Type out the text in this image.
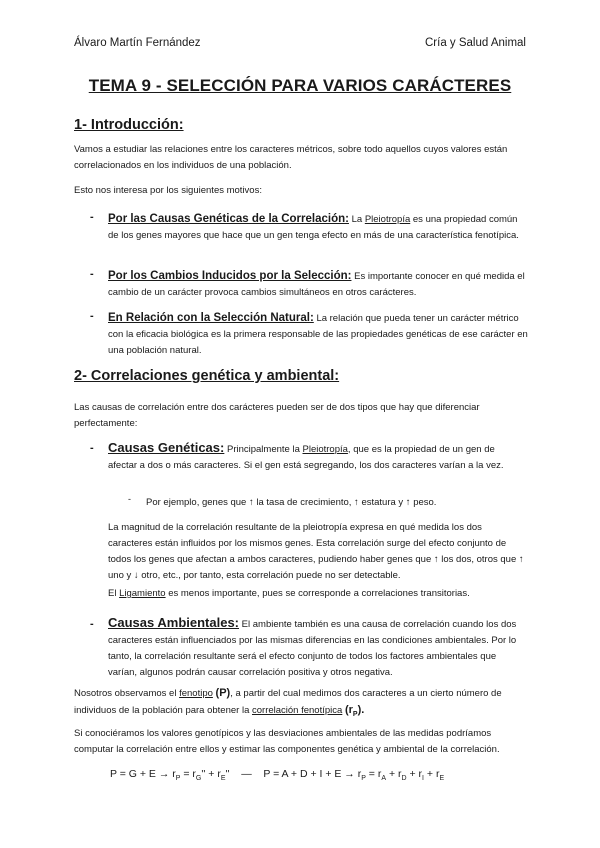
Álvaro Martín Fernández	Cría y Salud Animal
TEMA 9 - SELECCIÓN PARA VARIOS CARÁCTERES
1- Introducción:

Vamos a estudiar las relaciones entre los caracteres métricos, sobre todo aquellos cuyos valores están correlacionados en los individuos de una población.

Esto nos interesa por los siguientes motivos:

- Por las Causas Genéticas de la Correlación: La Pleiotropía es una propiedad común de los genes mayores que hace que un gen tenga efecto en más de una característica fenotípica.
- Por los Cambios Inducidos por la Selección: Es importante conocer en qué medida el cambio de un carácter provoca cambios simultáneos en otros carácteres.
- En Relación con la Selección Natural: La relación que pueda tener un carácter métrico con la eficacia biológica es la primera responsable de las propiedades genéticas de ese carácter en una población natural.
2- Correlaciones genética y ambiental:

Las causas de correlación entre dos carácteres pueden ser de dos tipos que hay que diferenciar perfectamente:

- Causas Genéticas: Principalmente la Pleiotropía, que es la propiedad de un gen de afectar a dos o más caracteres. Si el gen está segregando, los dos caracteres varían a la vez.
- Por ejemplo, genes que ↑ la tasa de crecimiento, ↑ estatura y ↑ peso.
La magnitud de la correlación resultante de la pleiotropía expresa en qué medida los dos caracteres están influidos por los mismos genes. Esta correlación surge del efecto conjunto de todos los genes que afectan a ambos caracteres, pudiendo haber genes que ↑ los dos, otros que ↑ uno y ↓ otro, etc., por tanto, esta correlación puede no ser detectable.
El Ligamiento es menos importante, pues se corresponde a correlaciones transitorias.
- Causas Ambientales: El ambiente también es una causa de correlación cuando los dos caracteres están influenciados por las mismas diferencias en las condiciones ambientales. Por lo tanto, la correlación resultante será el efecto conjunto de todos los factores ambientales que varían, algunos podrán causar correlación positiva y otros negativa.

Nosotros observamos el fenotipo (P), a partir del cual medimos dos caracteres a un cierto número de individuos de la población para obtener la correlación fenotípica $(r_P)$.

Si conociéramos los valores genotípicos y las desviaciones ambientales de las medidas podríamos computar la correlación entre ellos y estimar las componentes genética y ambiental de la correlación.

$P = G + E \to r_P = r_G'' + r_E''$ — $P = A + D + I + E \to r_P = r_A + r_D + r_I + r_E$
